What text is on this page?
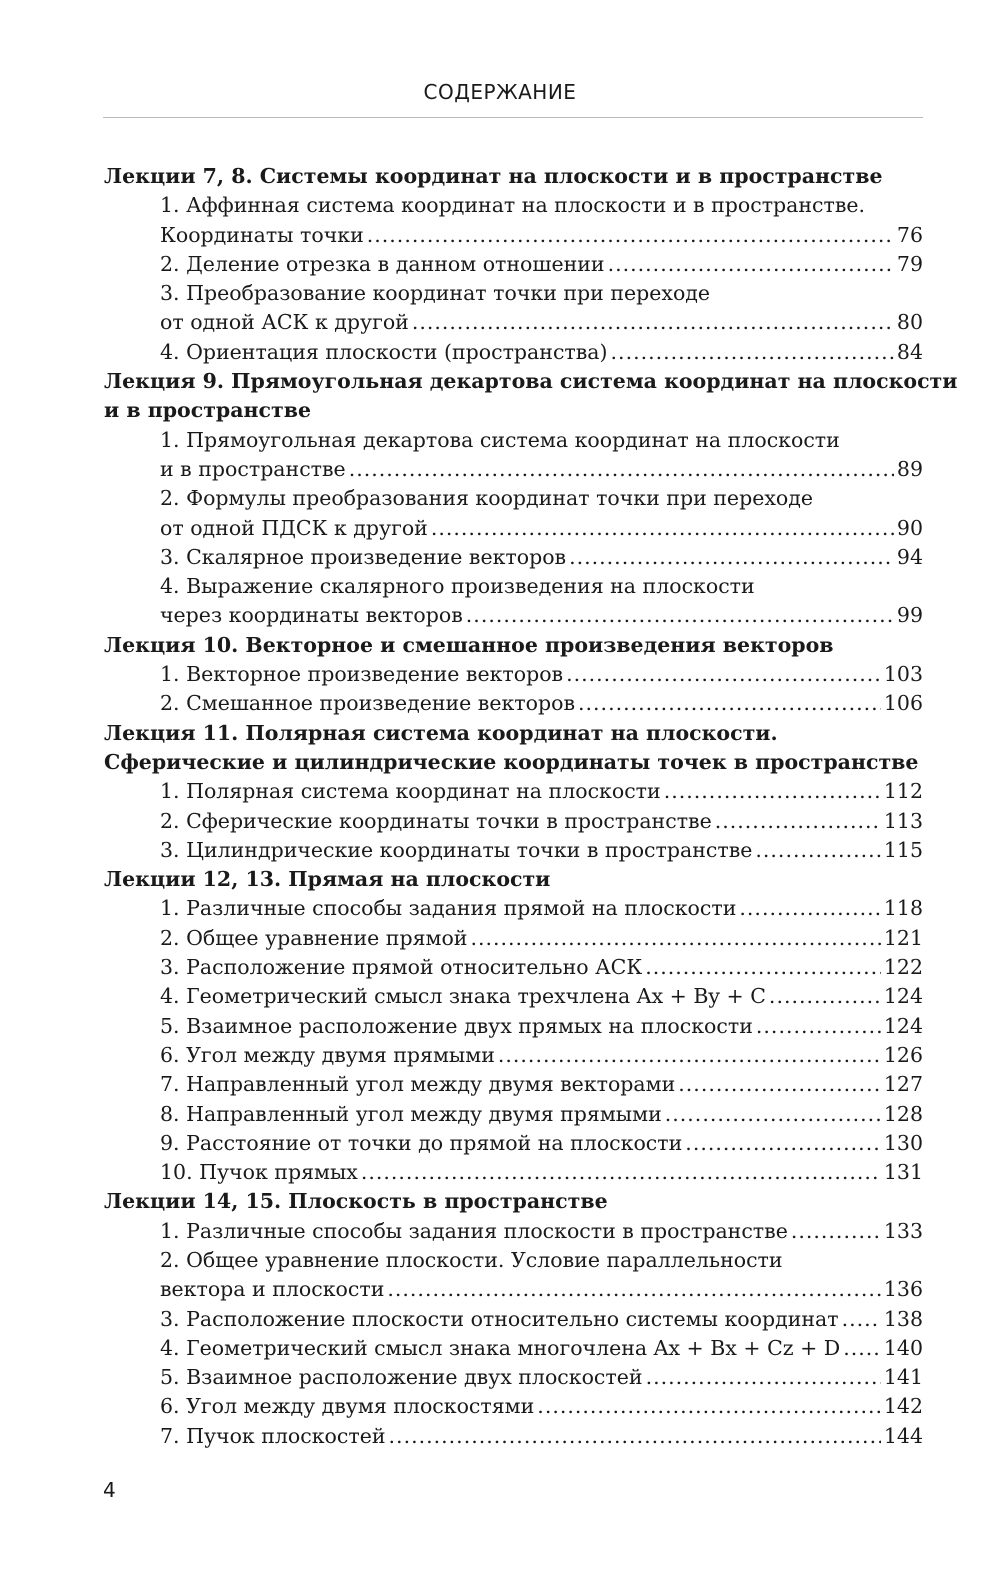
СОДЕРЖАНИЕ
Лекции 7, 8. Системы координат на плоскости и в пространстве
1. Аффинная система координат на плоскости и в пространстве.
Координаты точки .....	76
2. Деление отрезка в данном отношении .....	79
3. Преобразование координат точки при переходе
от одной АСК к другой .....	80
4. Ориентация плоскости (пространства) .....	84
Лекция 9. Прямоугольная декартова система координат на плоскости
и в пространстве
1. Прямоугольная декартова система координат на плоскости
и в пространстве .....	89
2. Формулы преобразования координат точки при переходе
от одной ПДСК к другой .....	90
3. Скалярное произведение векторов .....	94
4. Выражение скалярного произведения на плоскости
через координаты векторов .....	99
Лекция 10. Векторное и смешанное произведения векторов
1. Векторное произведение векторов .....	103
2. Смешанное произведение векторов .....	106
Лекция 11. Полярная система координат на плоскости.
Сферические и цилиндрические координаты точек в пространстве
1. Полярная система координат на плоскости .....	112
2. Сферические координаты точки в пространстве .....	113
3. Цилиндрические координаты точки в пространстве .....	115
Лекции 12, 13. Прямая на плоскости
1. Различные способы задания прямой на плоскости .....	118
2. Общее уравнение прямой .....	121
3. Расположение прямой относительно АСК .....	122
4. Геометрический смысл знака трехчлена Ax + By + C .....	124
5. Взаимное расположение двух прямых на плоскости .....	124
6. Угол между двумя прямыми .....	126
7. Направленный угол между двумя векторами .....	127
8. Направленный угол между двумя прямыми .....	128
9. Расстояние от точки до прямой на плоскости .....	130
10. Пучок прямых .....	131
Лекции 14, 15. Плоскость в пространстве
1. Различные способы задания плоскости в пространстве .....	133
2. Общее уравнение плоскости. Условие параллельности
вектора и плоскости .....	136
3. Расположение плоскости относительно системы координат ..... 138
4. Геометрический смысл знака многочлена Ax + Bx + Cz + D ..... 140
5. Взаимное расположение двух плоскостей .....	141
6. Угол между двумя плоскостями .....	142
7. Пучок плоскостей .....	144
4
